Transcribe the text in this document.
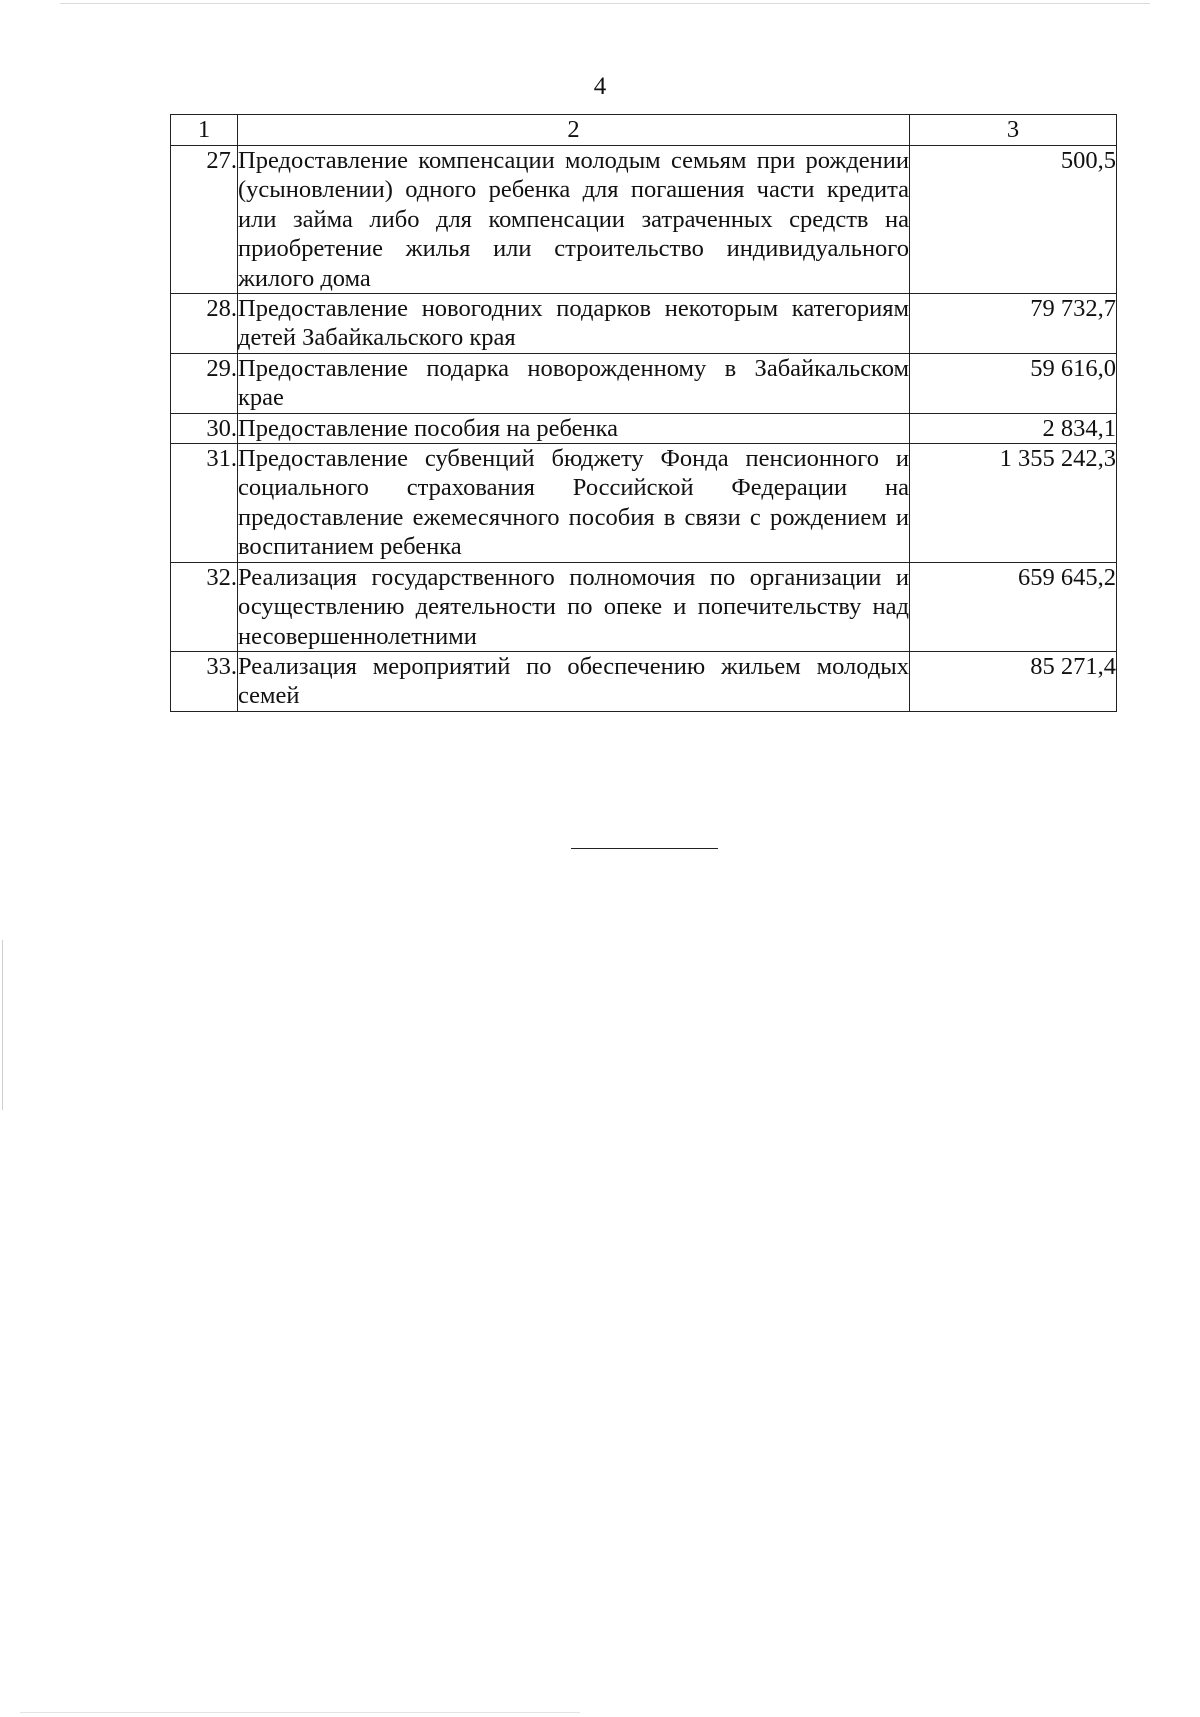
4
1	2	3
27.	Предоставление компенсации молодым семьям при рождении (усыновлении) одного ребенка для погашения части кредита или займа либо для компенсации затраченных средств на приобретение жилья или строительство индивидуального жилого дома	500,5
28.	Предоставление новогодних подарков некоторым категориям детей Забайкальского края	79 732,7
29.	Предоставление подарка новорожденному в Забайкальском крае	59 616,0
30.	Предоставление пособия на ребенка	2 834,1
31.	Предоставление субвенций бюджету Фонда пенсионного и социального страхования Российской Федерации на предоставление ежемесячного пособия в связи с рождением и воспитанием ребенка	1 355 242,3
32.	Реализация государственного полномочия по организации и осуществлению деятельности по опеке и попечительству над несовершеннолетними	659 645,2
33.	Реализация мероприятий по обеспечению жильем молодых семей	85 271,4
